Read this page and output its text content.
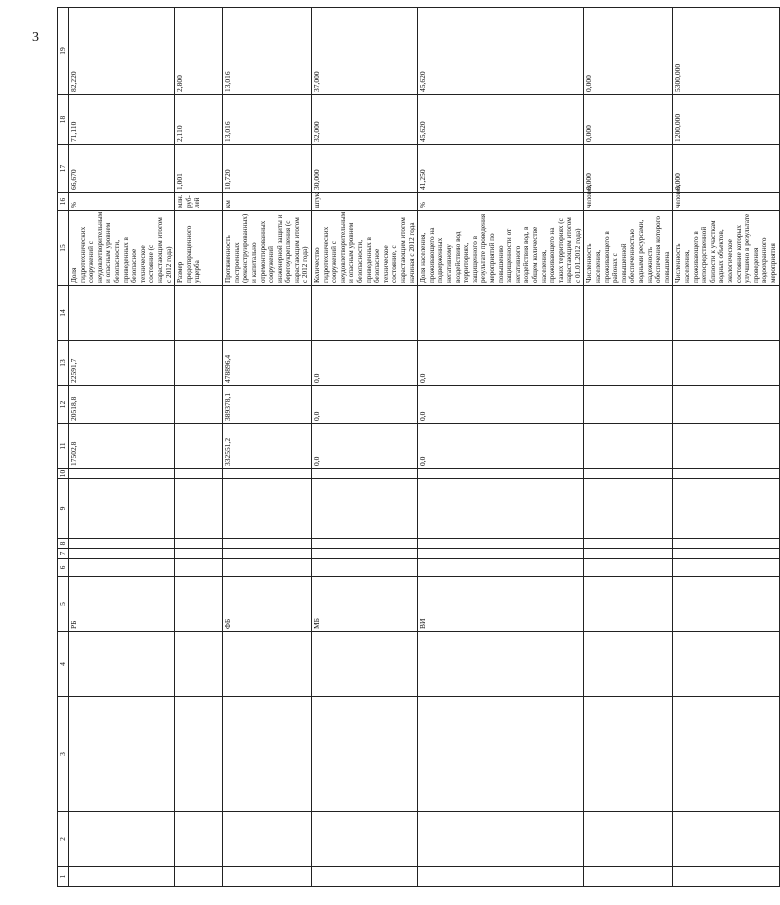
3
1	2	3	4	5	6	7	8	9	10	11	12	13	14	15	16	17	18	19
				РБ						17502,8	20518,8	22591,7		Доля гидротехнических сооружений с неудовлетворительным и опасным уровнем безопасности, приведенных в безопасное техническое состояние (с нарастающим итогом с 2012 года)	%	66,670	71,110	82,220
														Размер предотвращенного ущерба	млн. руб-лей	1,001	2,110	2,800
				ФБ						332551,2	389378,1	478896,4		Протяженность построенных (реконструированных) и капитально отремонтированных сооружений инженерной защиты и берегоукрепления (с нарастающим итогом с 2012 года)	км	10,720	13,016	13,016
				МБ						0,0	0,0	0,0		Количество гидротехнических сооружений с неудовлетворительным и опасным уровнем безопасности, приведенных в безопасное техническое состояние, с нарастающим итогом начиная с 2012 года	штук	30,000	32,000	37,000
				ВИ						0,0	0,0	0,0		Доля населения, проживающего на подверженных негативному воздействию вод территориях, защищенного в результате проведения мероприятий по повышению защищенности от негативного воздействия вод, в общем количестве населения, проживающего на таких территориях (с нарастающим итогом с 01.01.2012 года)	%	41,250	45,620	45,620
														Численность населения, проживающего в районах с повышенной обеспеченностью водными ресурсами, надежность обеспечения которого повышена	человек	0,000	0,000	0,000
														Численность населения, проживающего в непосредственной близости к участкам водных объектов, экологическое состояние которых улучшено в результате проведения водоохранного мероприятия	человек	0,000	1200,000	5300,000
